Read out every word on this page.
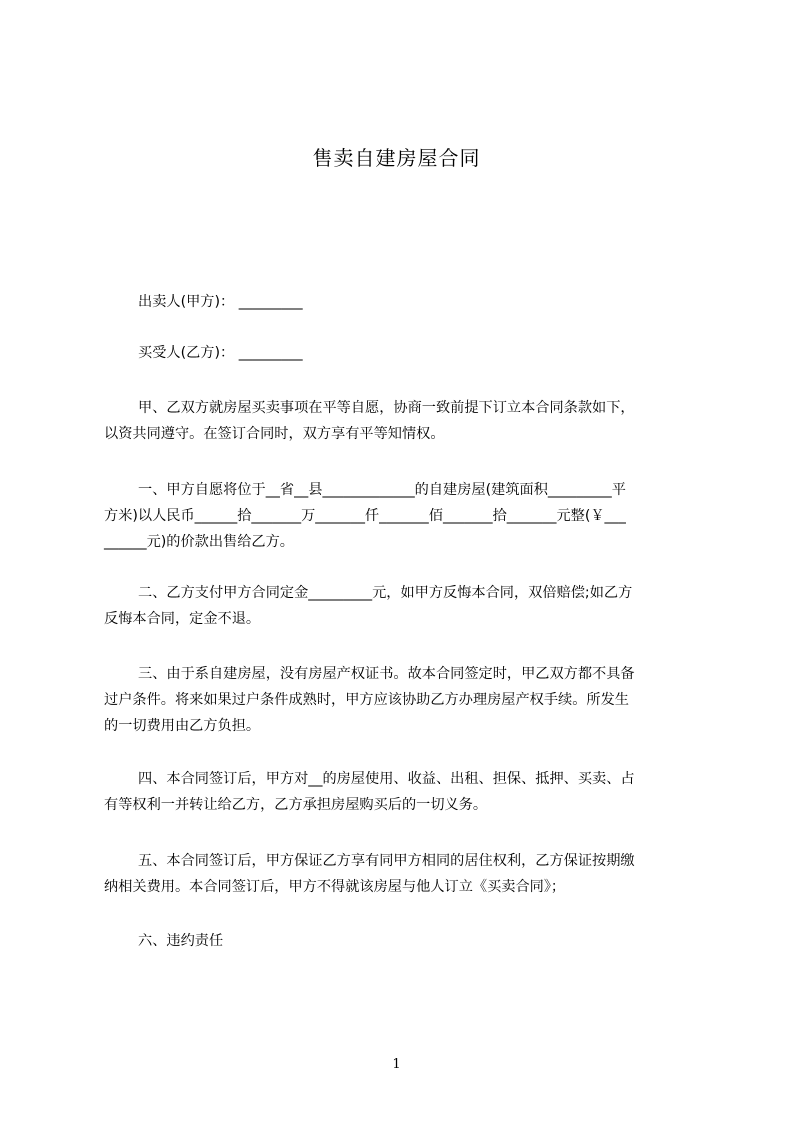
售卖自建房屋合同
出卖人(甲方)： _________
买受人(乙方)： _________
甲、乙双方就房屋买卖事项在平等自愿，协商一致前提下订立本合同条款如下，
以资共同遵守。在签订合同时，双方享有平等知情权。
一、甲方自愿将位于__省__县_____________的自建房屋(建筑面积_________平
方米)以人民币______拾_______万_______仟_______佰_______拾_______元整(￥___
______元)的价款出售给乙方。
二、乙方支付甲方合同定金_________元，如甲方反悔本合同，双倍赔偿;如乙方
反悔本合同，定金不退。
三、由于系自建房屋，没有房屋产权证书。故本合同签定时，甲乙双方都不具备
过户条件。将来如果过户条件成熟时，甲方应该协助乙方办理房屋产权手续。所发生
的一切费用由乙方负担。
四、本合同签订后，甲方对__的房屋使用、收益、出租、担保、抵押、买卖、占
有等权利一并转让给乙方，乙方承担房屋购买后的一切义务。
五、本合同签订后，甲方保证乙方享有同甲方相同的居住权利，乙方保证按期缴
纳相关费用。本合同签订后，甲方不得就该房屋与他人订立《买卖合同》；
六、违约责任
1
